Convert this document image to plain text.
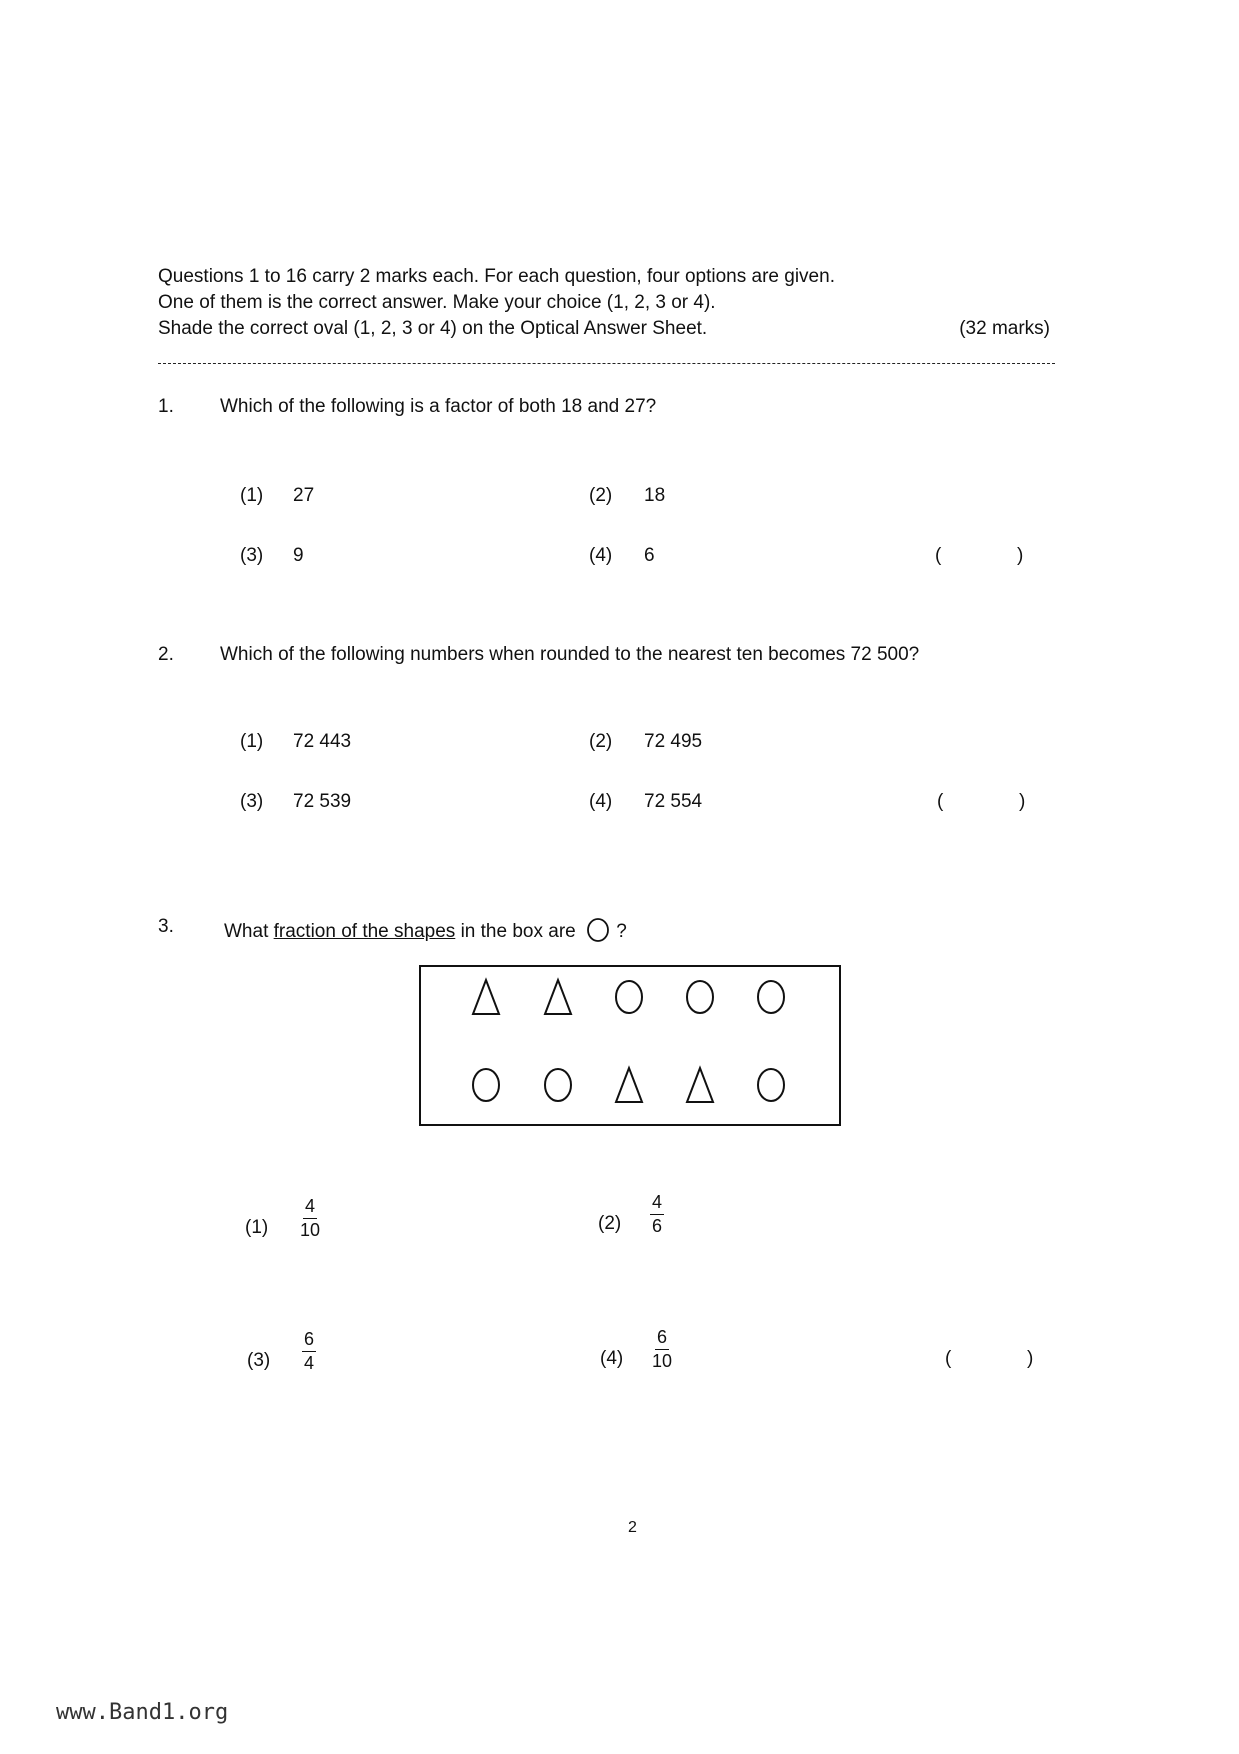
Questions 1 to 16 carry 2 marks each. For each question, four options are given.
One of them is the correct answer. Make your choice (1, 2, 3 or 4).
Shade the correct oval (1, 2, 3 or 4) on the Optical Answer Sheet.	(32 marks)
1. Which of the following is a factor of both 18 and 27?
(1) 27	(2) 18
(3) 9	(4) 6	(	)
2. Which of the following numbers when rounded to the nearest ten becomes 72 500?
(1) 72 443	(2) 72 495
(3) 72 539	(4) 72 554	(	)
3.	What fraction of the shapes in the box are ?
$(1) \frac{4}{10}$	$(2) \frac{4}{6}$
$(3) \frac{6}{4}$	$(4) \frac{6}{10}$	(	)
2
www.Band1.org
